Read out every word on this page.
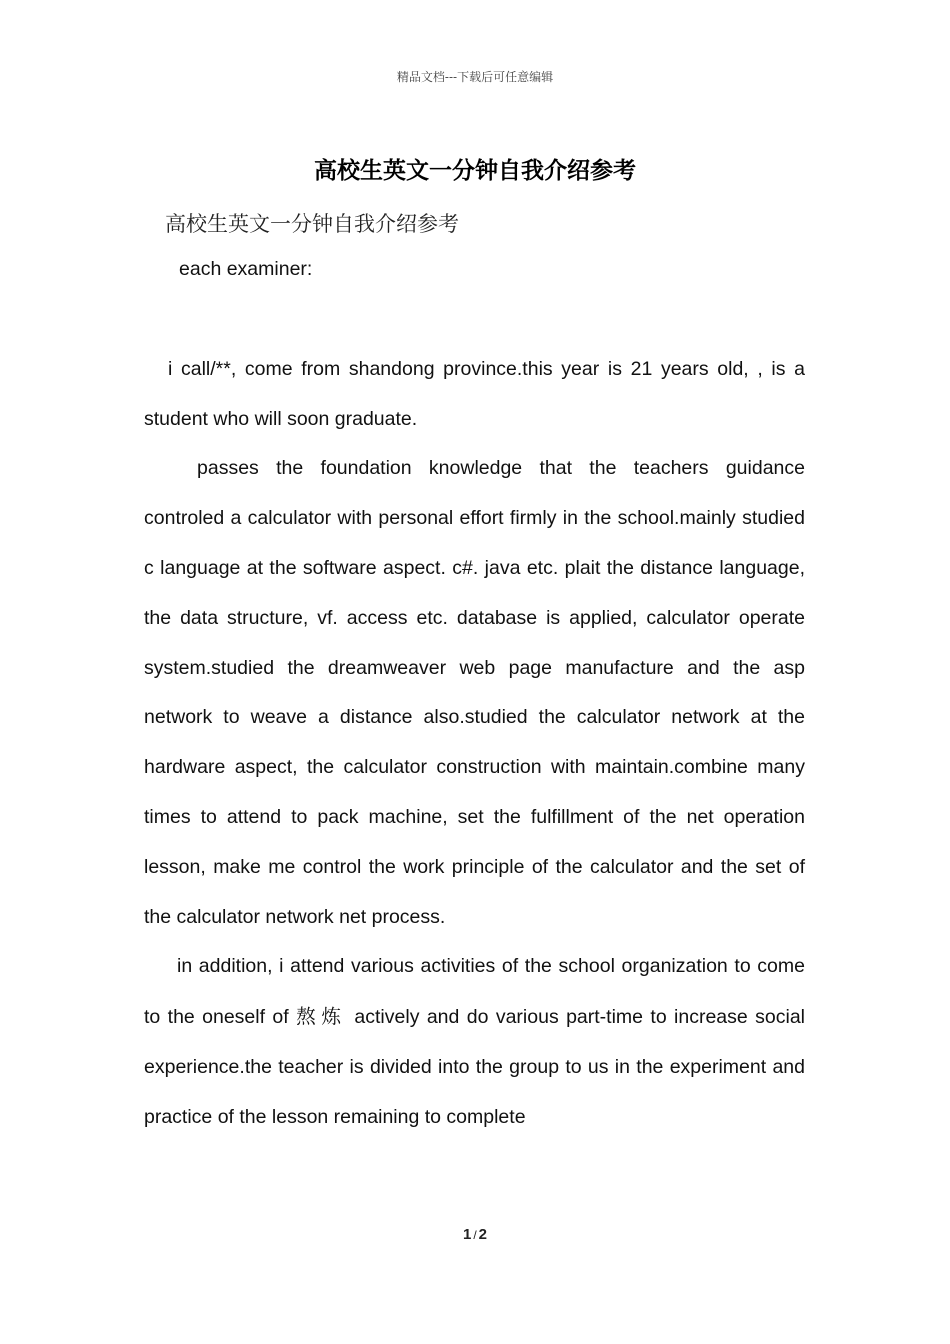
精品文档---下载后可任意编辑
高校生英文一分钟自我介绍参考
高校生英文一分钟自我介绍参考

each examiner:

i call/**, come from shandong province.this year is 21 years old, , is a student who will soon graduate.

passes the foundation knowledge that the teachers guidance controled a calculator with personal effort firmly in the school.mainly studied c language at the software aspect. c#. java etc. plait the distance language, the data structure, vf. access etc. database is applied, calculator operate system.studied the dreamweaver web page manufacture and the asp network to weave a distance also.studied the calculator network at the hardware aspect, the calculator construction with maintain.combine many times to attend to pack machine, set the fulfillment of the net operation lesson, make me control the work principle of the calculator and the set of the calculator network net process.

in addition, i attend various activities of the school organization to come to the oneself of 熬炼 actively and do various part-time to increase social experience.the teacher is divided into the group to us in the experiment and practice of the lesson remaining to complete

1 / 2
